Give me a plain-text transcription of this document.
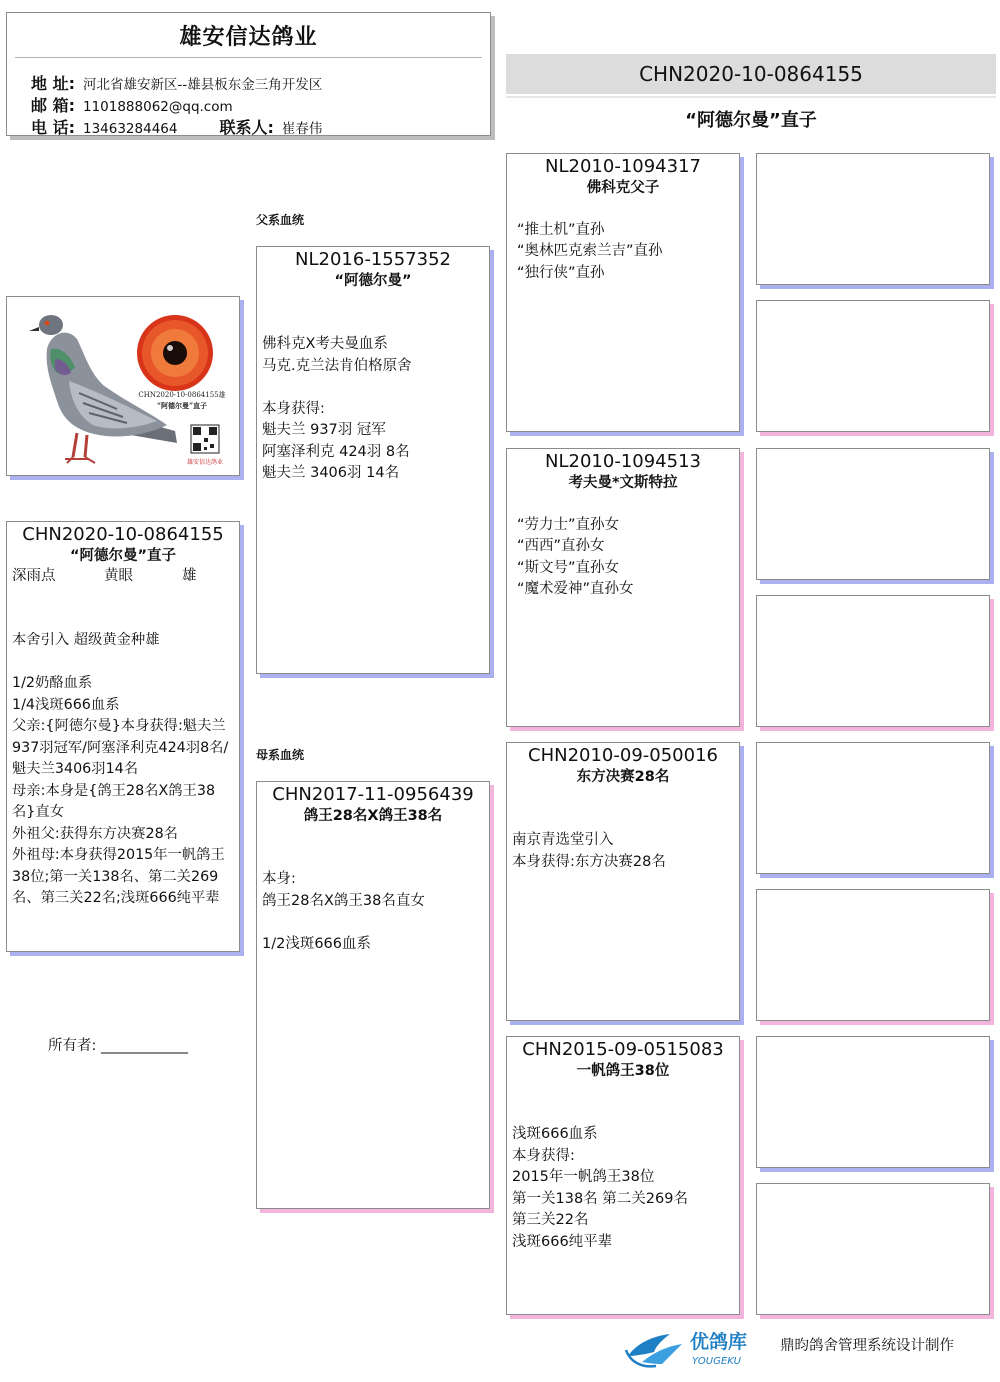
雄安信达鸽业
地 址: 河北省雄安新区--雄县板东金三角开发区
邮 箱: 1101888062@qq.com
电 话: 13463284464	联系人: 崔春伟
CHN2020-10-0864155
“阿德尔曼”直子
CHN2020-10-0864155雄
“阿德尔曼”直子
雄安信达鸽业
父系血统
母系血统
CHN2020-10-0864155
“阿德尔曼”直子
深雨点	黄眼	雄
本舍引入 超级黄金种雄
1/2奶酪血系
1/4浅斑666血系
父亲:{阿德尔曼}本身获得:魁夫兰937羽冠军/阿塞泽利克424羽8名/魁夫兰3406羽14名
母亲:本身是{鸽王28名X鸽王38名}直女
外祖父:获得东方决赛28名
外祖母:本身获得2015年一帆鸽王38位;第一关138名、第二关269名、第三关22名;浅斑666纯平辈
所有者: ____________
NL2016-1557352
“阿德尔曼”
佛科克X考夫曼血系
马克.克兰法肯伯格原舍
本身获得:
魁夫兰 937羽 冠军
阿塞泽利克 424羽 8名
魁夫兰 3406羽 14名
CHN2017-11-0956439
鸽王28名X鸽王38名
本身:
鸽王28名X鸽王38名直女
1/2浅斑666血系
NL2010-1094317
佛科克父子
“推土机”直孙
“奥林匹克索兰吉”直孙
“独行侠”直孙
NL2010-1094513
考夫曼*文斯特拉
“劳力士”直孙女
“西西”直孙女
“斯文号”直孙女
“魔术爱神”直孙女
CHN2010-09-050016
东方决赛28名
南京青选堂引入
本身获得:东方决赛28名
CHN2015-09-0515083
一帆鸽王38位
浅斑666血系
本身获得:
2015年一帆鸽王38位
第一关138名 第二关269名
第三关22名
浅斑666纯平辈
优鸽库
YOUGEKU
鼎昀鸽舍管理系统设计制作
